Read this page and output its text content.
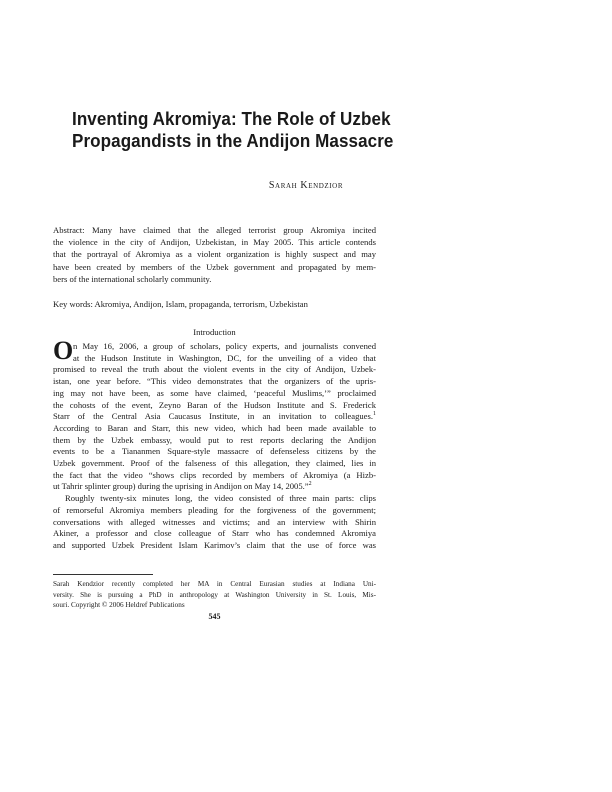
Inventing Akromiya: The Role of Uzbek
Propagandists in the Andijon Massacre
Sarah Kendzior
Abstract: Many have claimed that the alleged terrorist group Akromiya incited
the violence in the city of Andijon, Uzbekistan, in May 2005. This article contends
that the portrayal of Akromiya as a violent organization is highly suspect and may
have been created by members of the Uzbek government and propagated by mem-
bers of the international scholarly community.
Key words: Akromiya, Andijon, Islam, propaganda, terrorism, Uzbekistan
Introduction
O n May 16, 2006, a group of scholars, policy experts, and journalists convened
at the Hudson Institute in Washington, DC, for the unveiling of a video that
promised to reveal the truth about the violent events in the city of Andijon, Uzbek-
istan, one year before. “This video demonstrates that the organizers of the upris-
ing may not have been, as some have claimed, ‘peaceful Muslims,’” proclaimed
the cohosts of the event, Zeyno Baran of the Hudson Institute and S. Frederick
Starr of the Central Asia Caucasus Institute, in an invitation to colleagues.$^1$
According to Baran and Starr, this new video, which had been made available to
them by the Uzbek embassy, would put to rest reports declaring the Andijon
events to be a Tiananmen Square-style massacre of defenseless citizens by the
Uzbek government. Proof of the falseness of this allegation, they claimed, lies in
the fact that the video “shows clips recorded by members of Akromiya (a Hizb-
ut Tahrir splinter group) during the uprising in Andijon on May 14, 2005.”$^2$
Roughly twenty-six minutes long, the video consisted of three main parts: clips
of remorseful Akromiya members pleading for the forgiveness of the government;
conversations with alleged witnesses and victims; and an interview with Shirin
Akiner, a professor and close colleague of Starr who has condemned Akromiya
and supported Uzbek President Islam Karimov’s claim that the use of force was
Sarah Kendzior recently completed her MA in Central Eurasian studies at Indiana Uni-
versity. She is pursuing a PhD in anthropology at Washington University in St. Louis, Mis-
souri. Copyright © 2006 Heldref Publications
545
